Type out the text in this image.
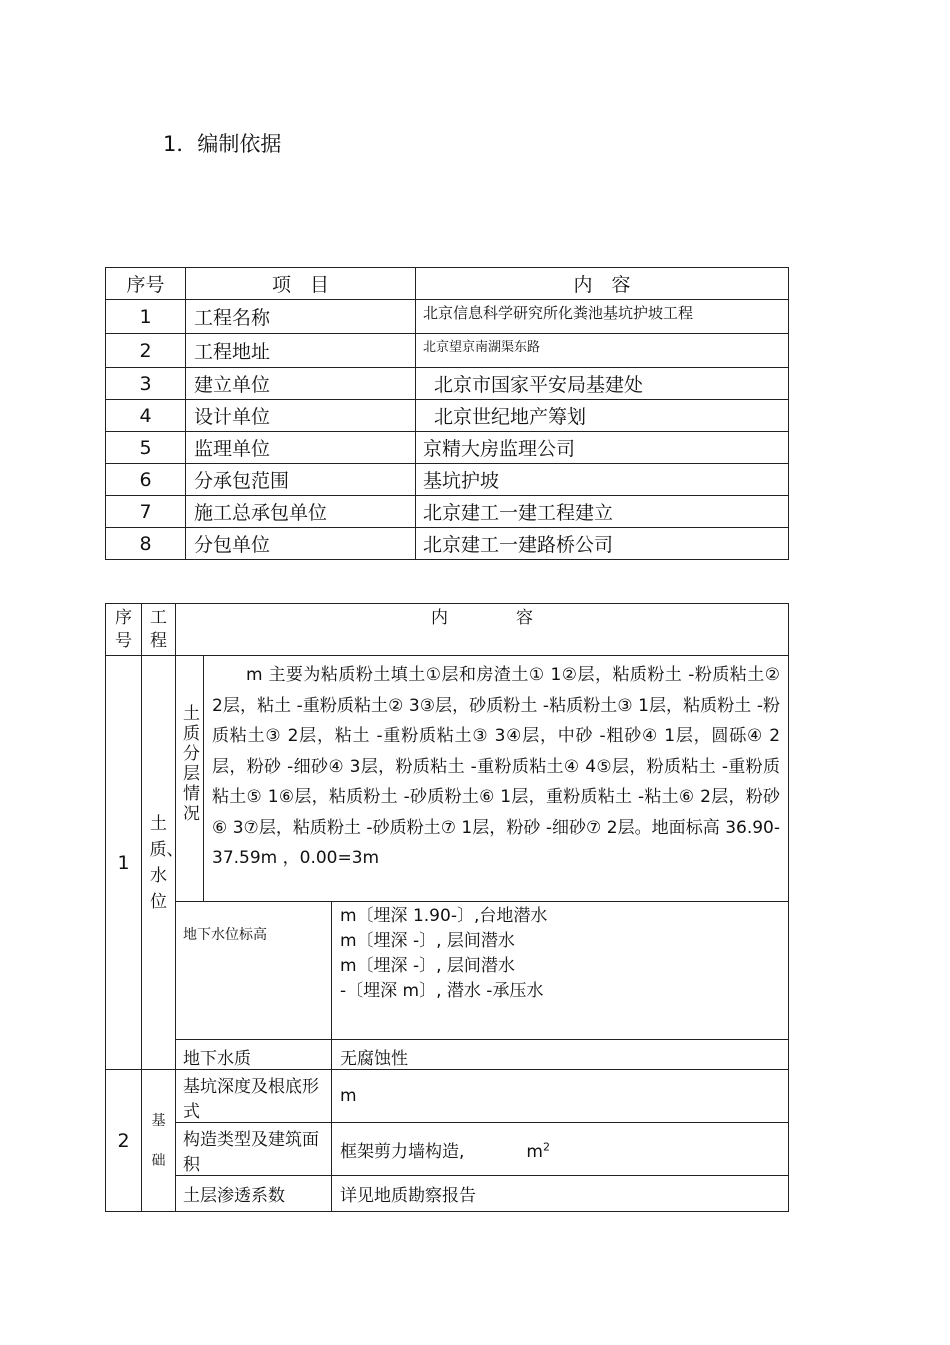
1．编制依据
序号	项　目	内　容
1	工程名称	北京信息科学研究所化粪池基坑护坡工程
2	工程地址	北京望京南湖渠东路
3	建立单位	北京市国家平安局基建处
4	设计单位	北京世纪地产筹划
5	监理单位	京精大房监理公司
6	分承包范围	基坑护坡
7	施工总承包单位	北京建工一建工程建立
8	分包单位	北京建工一建路桥公司
序号	工程	内　　　　容		
1	土质、水位	土质分层情况	m 主要为粘质粉土填土①层和房渣土① 1②层，粘质粉土 -粉质粘土② 2层，粘土 -重粉质粘土② 3③层，砂质粉土 -粘质粉土③ 1层，粘质粉土 -粉质粘土③ 2层，粘土 -重粉质粘土③ 3④层，中砂 -粗砂④ 1层，圆砾④ 2层，粉砂 -细砂④ 3层，粉质粘土 -重粉质粘土④ 4⑤层，粉质粘土 -重粉质粘土⑤ 1⑥层，粘质粉土 -砂质粉土⑥ 1层，重粉质粘土 -粘土⑥ 2层，粉砂⑥ 3⑦层，粘质粉土 -砂质粉土⑦ 1层，粉砂 -细砂⑦ 2层。地面标高 36.90-37.59m ，0.00=3m	
		地下水位标高		m〔埋深 1.90-〕,台地潜水
m〔埋深 -〕, 层间潜水
m〔埋深 -〕, 层间潜水
-〔埋深 m〕, 潜水 -承压水

		地下水质		无腐蚀性
2	基础	基坑深度及根底形式		m
		构造类型及建筑面积		框架剪力墙构造, $m^2$
		土层渗透系数		详见地质勘察报告
